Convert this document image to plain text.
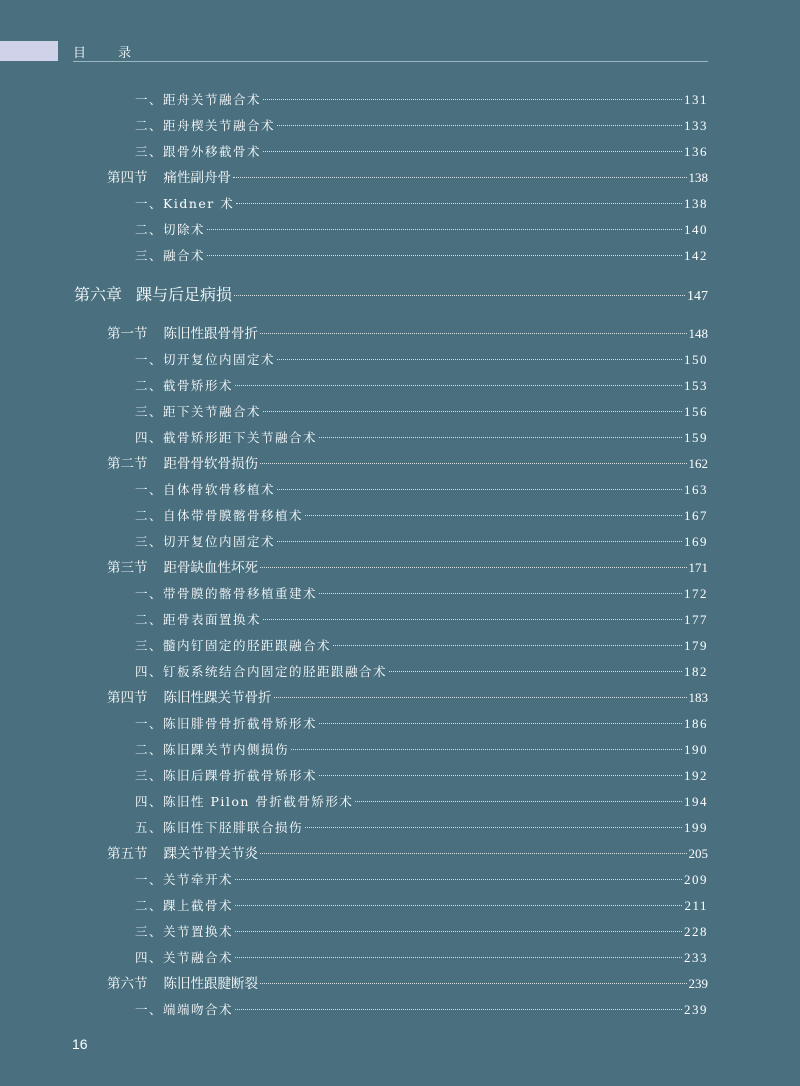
目 录
一、距舟关节融合术	131
二、距舟楔关节融合术	133
三、跟骨外移截骨术	136
第四节 痛性副舟骨	138
一、Kidner 术	138
二、切除术	140
三、融合术	142
第六章 踝与后足病损	147
第一节 陈旧性跟骨骨折	148
一、切开复位内固定术	150
二、截骨矫形术	153
三、距下关节融合术	156
四、截骨矫形距下关节融合术	159
第二节 距骨骨软骨损伤	162
一、自体骨软骨移植术	163
二、自体带骨膜髂骨移植术	167
三、切开复位内固定术	169
第三节 距骨缺血性坏死	171
一、带骨膜的髂骨移植重建术	172
二、距骨表面置换术	177
三、髓内钉固定的胫距跟融合术	179
四、钉板系统结合内固定的胫距跟融合术	182
第四节 陈旧性踝关节骨折	183
一、陈旧腓骨骨折截骨矫形术	186
二、陈旧踝关节内侧损伤	190
三、陈旧后踝骨折截骨矫形术	192
四、陈旧性 Pilon 骨折截骨矫形术	194
五、陈旧性下胫腓联合损伤	199
第五节 踝关节骨关节炎	205
一、关节牵开术	209
二、踝上截骨术	211
三、关节置换术	228
四、关节融合术	233
第六节 陈旧性跟腱断裂	239
一、端端吻合术	239
16
